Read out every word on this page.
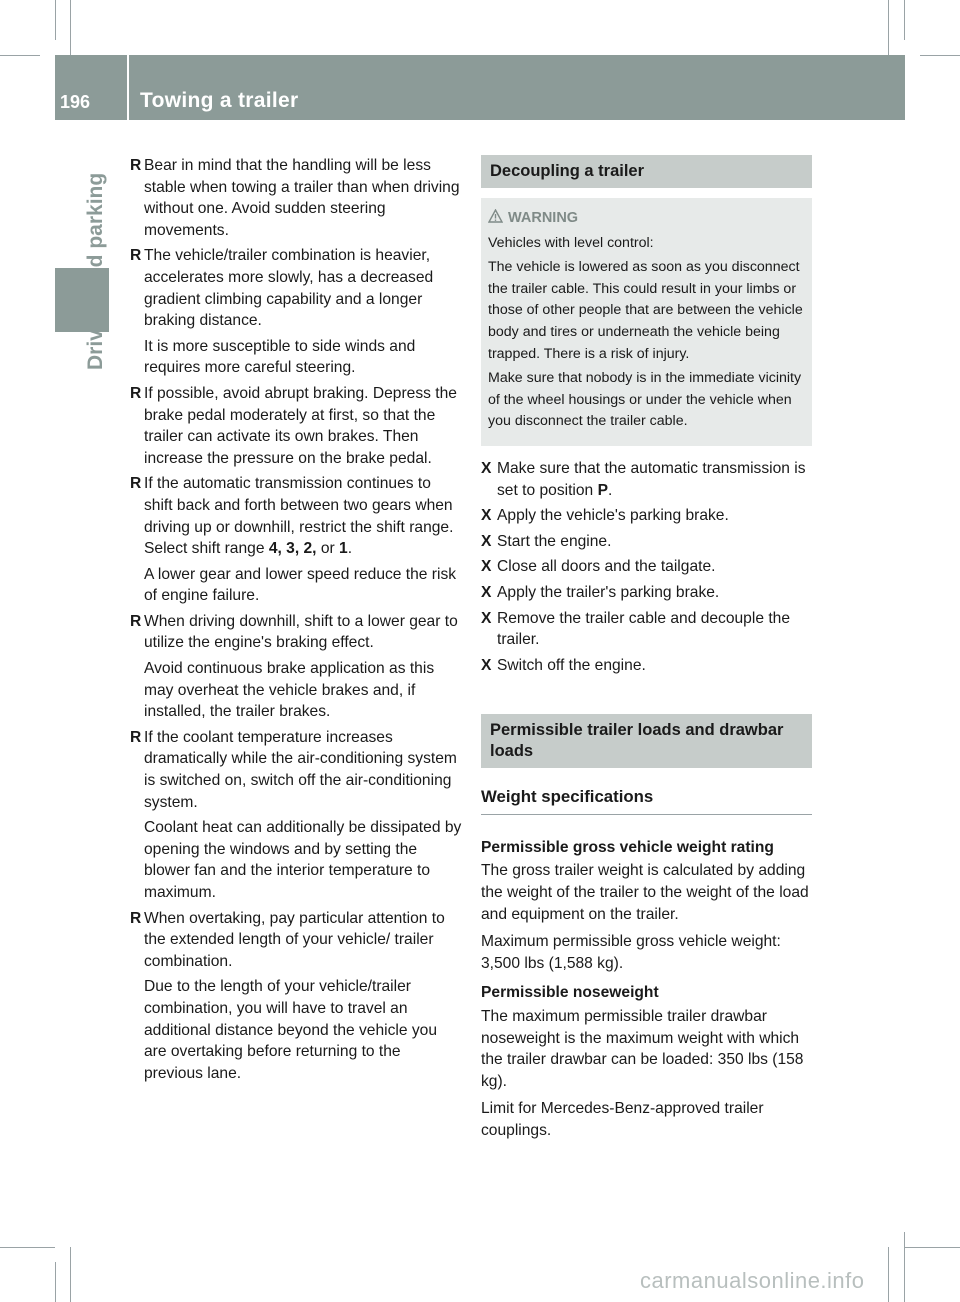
196 Towing a trailer
R Bear in mind that the handling will be less stable when towing a trailer than when driving without one. Avoid sudden steering movements.
R The vehicle/trailer combination is heavier, accelerates more slowly, has a decreased gradient climbing capability and a longer braking distance.
It is more susceptible to side winds and requires more careful steering.
R If possible, avoid abrupt braking. Depress the brake pedal moderately at first, so that the trailer can activate its own brakes. Then increase the pressure on the brake pedal.
R If the automatic transmission continues to shift back and forth between two gears when driving up or downhill, restrict the shift range. Select shift range 4, 3, 2, or 1.
A lower gear and lower speed reduce the risk of engine failure.
R When driving downhill, shift to a lower gear to utilize the engine's braking effect.
Avoid continuous brake application as this may overheat the vehicle brakes and, if installed, the trailer brakes.
R If the coolant temperature increases dramatically while the air-conditioning system is switched on, switch off the air-conditioning system.
Coolant heat can additionally be dissipated by opening the windows and by setting the blower fan and the interior temperature to maximum.
R When overtaking, pay particular attention to the extended length of your vehicle/ trailer combination.
Due to the length of your vehicle/trailer combination, you will have to travel an additional distance beyond the vehicle you are overtaking before returning to the previous lane.
Decoupling a trailer
WARNING

Vehicles with level control:

The vehicle is lowered as soon as you disconnect the trailer cable. This could result in your limbs or those of other people that are between the vehicle body and tires or underneath the vehicle being trapped. There is a risk of injury.

Make sure that nobody is in the immediate vicinity of the wheel housings or under the vehicle when you disconnect the trailer cable.

X Make sure that the automatic transmission is set to position P.
X Apply the vehicle's parking brake.
X Start the engine.
X Close all doors and the tailgate.
X Apply the trailer's parking brake.
X Remove the trailer cable and decouple the trailer.
X Switch off the engine.
Permissible trailer loads and drawbar loads
Weight specifications
Permissible gross vehicle weight rating
The gross trailer weight is calculated by adding the weight of the trailer to the weight of the load and equipment on the trailer.
Maximum permissible gross vehicle weight: 3,500 lbs (1,588 kg).
Permissible noseweight
The maximum permissible trailer drawbar noseweight is the maximum weight with which the trailer drawbar can be loaded: 350 lbs (158 kg).
Limit for Mercedes-Benz-approved trailer couplings.
carmanualsonline.info
